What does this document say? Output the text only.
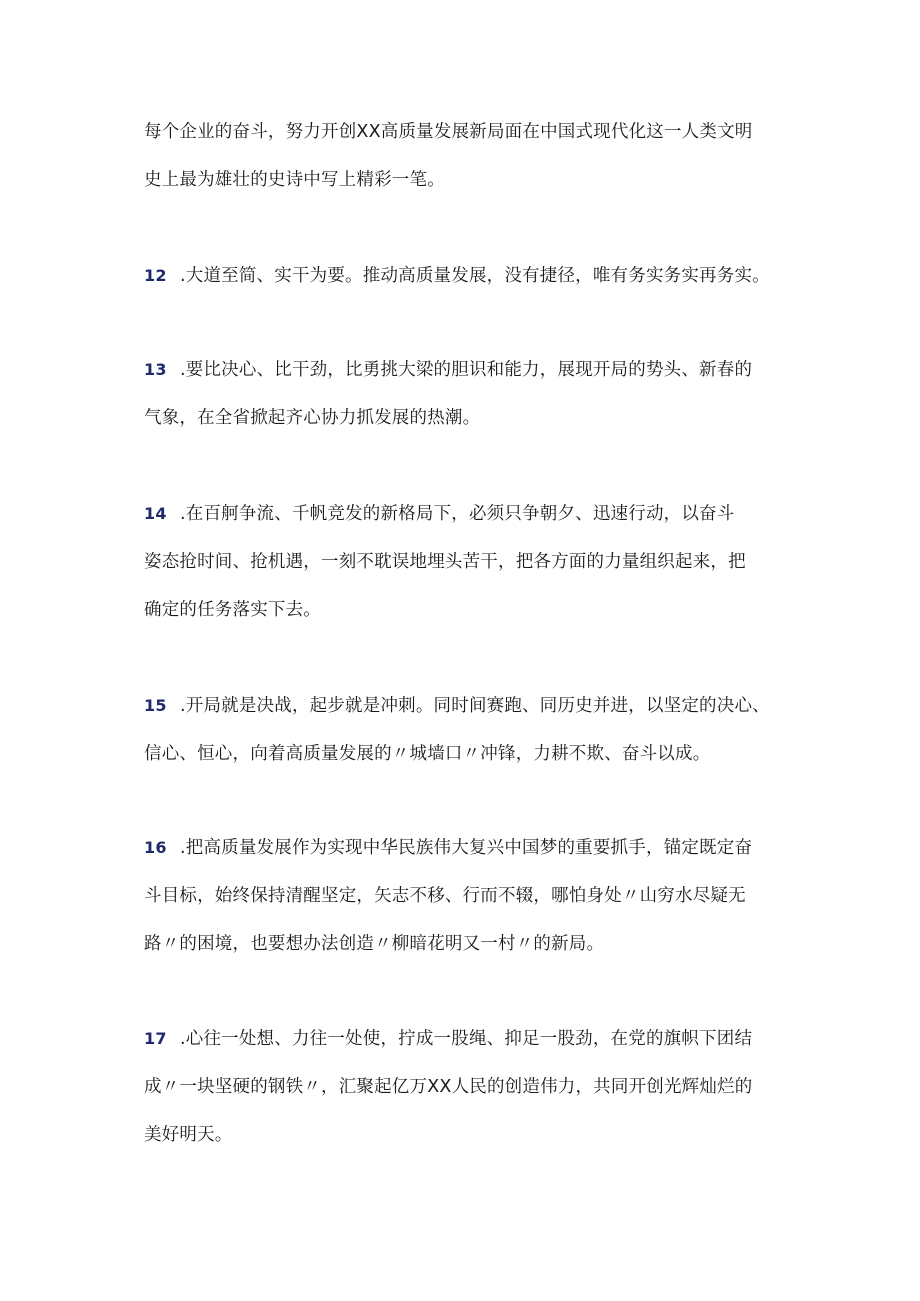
每个企业的奋斗，努力开创XX高质量发展新局面在中国式现代化这一人类文明
史上最为雄壮的史诗中写上精彩一笔。

12 .大道至简、实干为要。推动高质量发展，没有捷径，唯有务实务实再务实。

13 .要比决心、比干劲，比勇挑大梁的胆识和能力，展现开局的势头、新春的
气象，在全省掀起齐心协力抓发展的热潮。

14 .在百舸争流、千帆竞发的新格局下，必须只争朝夕、迅速行动，以奋斗
姿态抢时间、抢机遇，一刻不耽误地埋头苦干，把各方面的力量组织起来，把
确定的任务落实下去。

15 .开局就是决战，起步就是冲刺。同时间赛跑、同历史并进，以坚定的决心、
信心、恒心，向着高质量发展的〃城墙口〃冲锋，力耕不欺、奋斗以成。

16 .把高质量发展作为实现中华民族伟大复兴中国梦的重要抓手，锚定既定奋
斗目标，始终保持清醒坚定，矢志不移、行而不辍，哪怕身处〃山穷水尽疑无
路〃的困境，也要想办法创造〃柳暗花明又一村〃的新局。

17 .心往一处想、力往一处使，拧成一股绳、抑足一股劲，在党的旗帜下团结
成〃一块坚硬的钢铁〃，汇聚起亿万XX人民的创造伟力，共同开创光辉灿烂的
美好明天。
